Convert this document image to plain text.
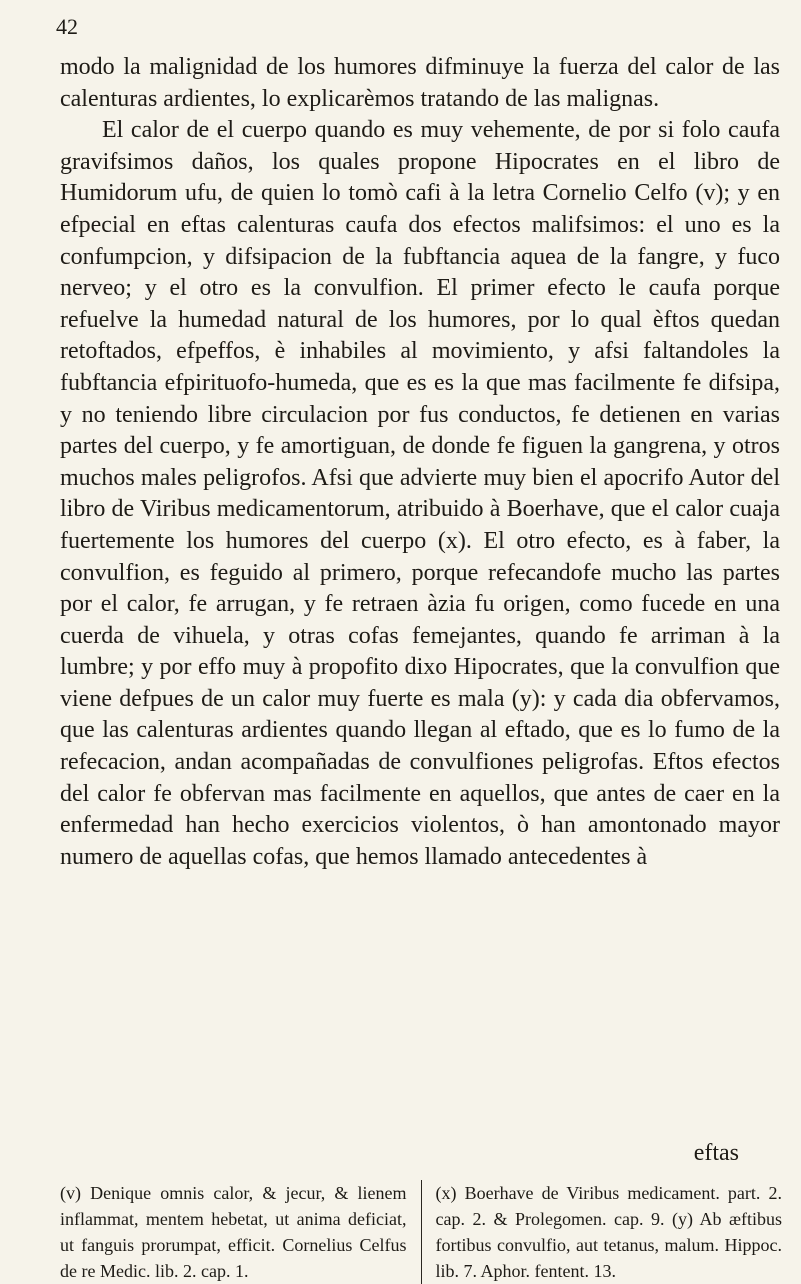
42

modo la malignidad de los humores difminuye la fuerza del calor de las calenturas ardientes, lo explicarèmos tratando de las malignas.

El calor de el cuerpo quando es muy vehemente, de por si folo caufa gravifsimos daños, los quales propone Hipocrates en el libro de Humidorum ufu, de quien lo tomò cafi à la letra Cornelio Celfo (v); y en efpecial en eftas calenturas caufa dos efectos malifsimos: el uno es la confumpcion, y difsipacion de la fubftancia aquea de la fangre, y fuco nerveo; y el otro es la convulfion. El primer efecto le caufa porque refuelve la humedad natural de los humores, por lo qual èftos quedan retoftados, efpeffos, è inhabiles al movimiento, y afsi faltandoles la fubftancia efpirituofo-humeda, que es es la que mas facilmente fe difsipa, y no teniendo libre circulacion por fus conductos, fe detienen en varias partes del cuerpo, y fe amortiguan, de donde fe figuen la gangrena, y otros muchos males peligrofos. Afsi que advierte muy bien el apocrifo Autor del libro de Viribus medicamentorum, atribuido à Boerhave, que el calor cuaja fuertemente los humores del cuerpo (x). El otro efecto, es à faber, la convulfion, es feguido al primero, porque refecandofe mucho las partes por el calor, fe arrugan, y fe retraen àzia fu origen, como fucede en una cuerda de vihuela, y otras cofas femejantes, quando fe arriman à la lumbre; y por effo muy à propofito dixo Hipocrates, que la convulfion que viene defpues de un calor muy fuerte es mala (y): y cada dia obfervamos, que las calenturas ardientes quando llegan al eftado, que es lo fumo de la refecacion, andan acompañadas de convulfiones peligrofas. Eftos efectos del calor fe obfervan mas facilmente en aquellos, que antes de caer en la enfermedad han hecho exercicios violentos, ò han amontonado mayor numero de aquellas cofas, que hemos llamado antecedentes à

eftas
(v) Denique omnis calor, & jecur, & lienem inflammat, mentem hebetat, ut anima deficiat, ut fanguis prorumpat, efficit. Cornelius Celfus de re Medic. lib. 2. cap. 1.
(x) Boerhave de Viribus medicament. part. 2. cap. 2. & Prolegomen. cap. 9. (y) Ab æftibus fortibus convulfio, aut tetanus, malum. Hippoc. lib. 7. Aphor. fentent. 13.
